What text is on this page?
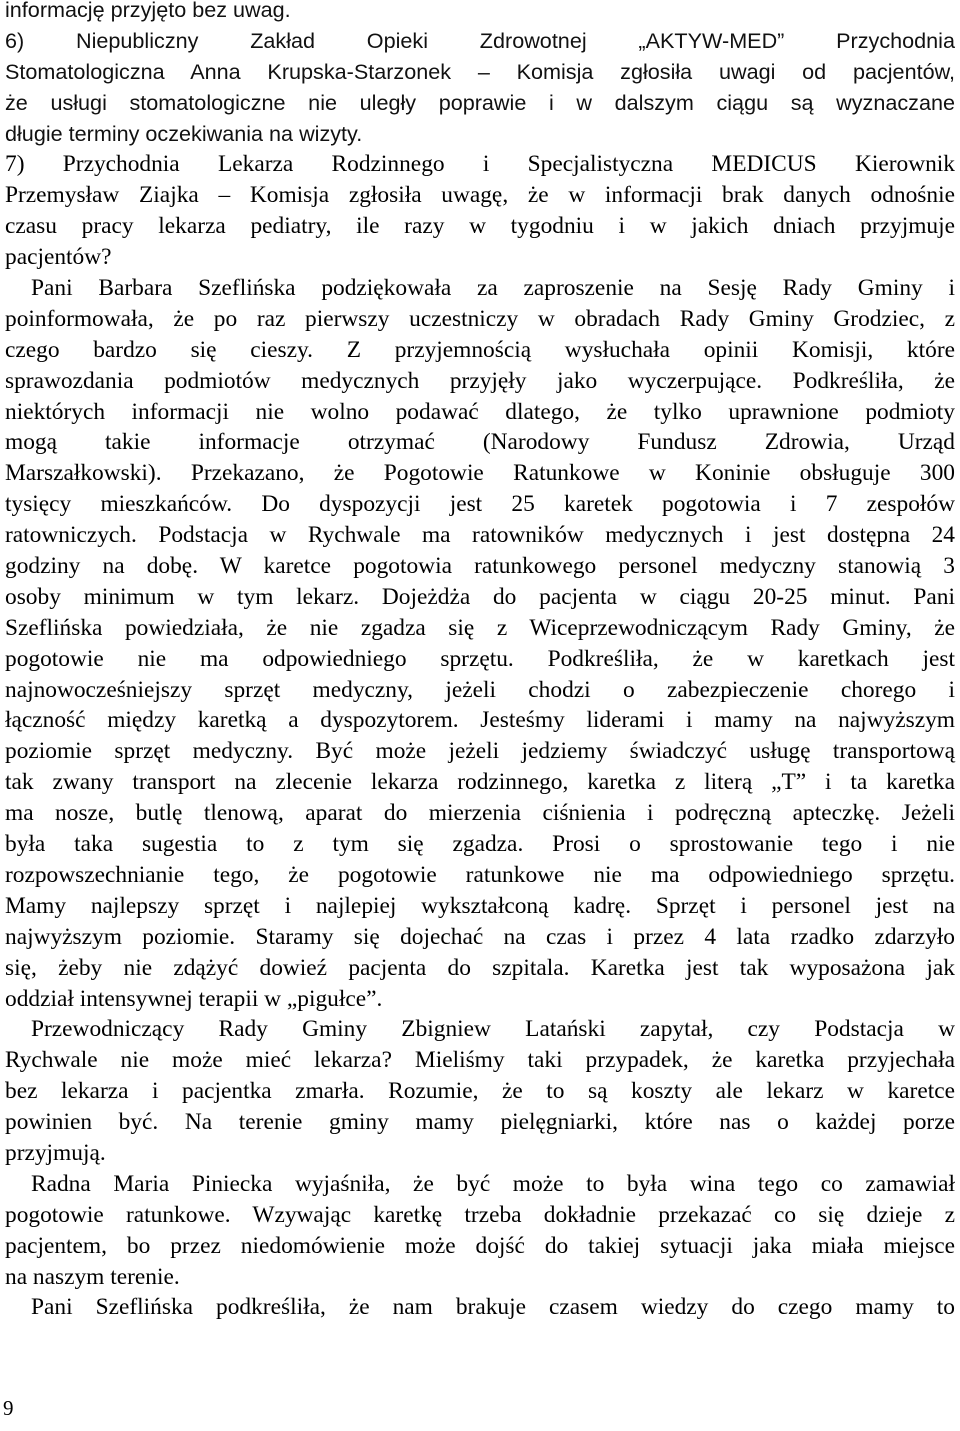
informację przyjęto bez uwag.
6) Niepubliczny Zakład Opieki Zdrowotnej „AKTYW-MED” Przychodnia
Stomatologiczna Anna Krupska-Starzonek – Komisja zgłosiła uwagi od pacjentów,
że usługi stomatologiczne nie uległy poprawie i w dalszym ciągu są wyznaczane
długie terminy oczekiwania na wizyty.
7) Przychodnia Lekarza Rodzinnego i Specjalistyczna MEDICUS Kierownik
Przemysław Ziajka – Komisja zgłosiła uwagę, że w informacji brak danych odnośnie
czasu pracy lekarza pediatry, ile razy w tygodniu i w jakich dniach przyjmuje
pacjentów?
Pani Barbara Szeflińska podziękowała za zaproszenie na Sesję Rady Gminy i
poinformowała, że po raz pierwszy uczestniczy w obradach Rady Gminy Grodziec, z
czego bardzo się cieszy. Z przyjemnością wysłuchała opinii Komisji, które
sprawozdania podmiotów medycznych przyjęły jako wyczerpujące. Podkreśliła, że
niektórych informacji nie wolno podawać dlatego, że tylko uprawnione podmioty
mogą takie informacje otrzymać (Narodowy Fundusz Zdrowia, Urząd
Marszałkowski). Przekazano, że Pogotowie Ratunkowe w Koninie obsługuje 300
tysięcy mieszkańców. Do dyspozycji jest 25 karetek pogotowia i 7 zespołów
ratowniczych. Podstacja w Rychwale ma ratowników medycznych i jest dostępna 24
godziny na dobę. W karetce pogotowia ratunkowego personel medyczny stanowią 3
osoby minimum w tym lekarz. Dojeżdża do pacjenta w ciągu 20-25 minut. Pani
Szeflińska powiedziała, że nie zgadza się z Wiceprzewodniczącym Rady Gminy, że
pogotowie nie ma odpowiedniego sprzętu. Podkreśliła, że w karetkach jest
najnowocześniejszy sprzęt medyczny, jeżeli chodzi o zabezpieczenie chorego i
łączność między karetką a dyspozytorem. Jesteśmy liderami i mamy na najwyższym
poziomie sprzęt medyczny. Być może jeżeli jedziemy świadczyć usługę transportową
tak zwany transport na zlecenie lekarza rodzinnego, karetka z literą „T” i ta karetka
ma nosze, butlę tlenową, aparat do mierzenia ciśnienia i podręczną apteczkę. Jeżeli
była taka sugestia to z tym się zgadza. Prosi o sprostowanie tego i nie
rozpowszechnianie tego, że pogotowie ratunkowe nie ma odpowiedniego sprzętu.
Mamy najlepszy sprzęt i najlepiej wykształconą kadrę. Sprzęt i personel jest na
najwyższym poziomie. Staramy się dojechać na czas i przez 4 lata rzadko zdarzyło
się, żeby nie zdążyć dowieź pacjenta do szpitala. Karetka jest tak wyposażona jak
oddział intensywnej terapii w „pigułce”.
Przewodniczący Rady Gminy Zbigniew Latański zapytał, czy Podstacja w
Rychwale nie może mieć lekarza? Mieliśmy taki przypadek, że karetka przyjechała
bez lekarza i pacjentka zmarła. Rozumie, że to są koszty ale lekarz w karetce
powinien być. Na terenie gminy mamy pielęgniarki, które nas o każdej porze
przyjmują.
Radna Maria Piniecka wyjaśniła, że być może to była wina tego co zamawiał
pogotowie ratunkowe. Wzywając karetkę trzeba dokładnie przekazać co się dzieje z
pacjentem, bo przez niedomówienie może dojść do takiej sytuacji jaka miała miejsce
na naszym terenie.
Pani Szeflińska podkreśliła, że nam brakuje czasem wiedzy do czego mamy to
9
